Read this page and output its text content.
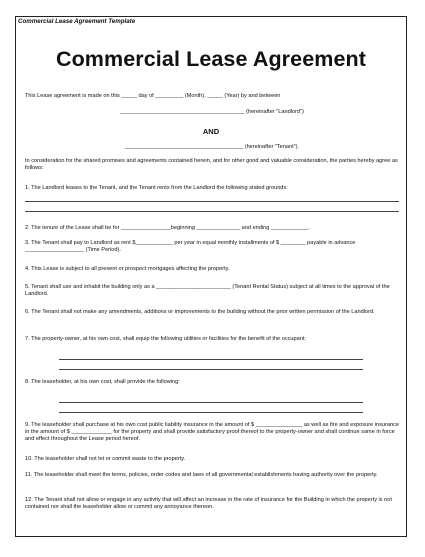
Commercial Lease Agreement Template
Commercial Lease Agreement
This Lease agreement is made on this _____ day of _________ (Month), _____ (Year) by and between
________________________________________ (hereinafter "Landlord")
AND
______________________________________ (hereinafter "Tenant").
In consideration for the shared promises and agreements contained herein, and for other good and valuable consideration, the parties hereby agree as follows:
1. The Landlord leases to the Tenant, and the Tenant rents from the Landlord the following stated grounds:
2. The tenure of the Lease shall be for ________________beginning ______________ and ending ____________.
3. The Tenant shall pay to Landlord as rent $____________ per year in equal monthly installments of $ ________ payable in advance ___________________ (Time Period).
4. This Lease is subject to all present or prospect mortgages affecting the property.
5. Tenant shall use and inhabit the building only as a ________________________ (Tenant Rental Status) subject at all times to the approval of the Landlord.
6. The Tenant shall not make any amendments, additions or improvements to the building without the prior written permission of the Landlord.
7. The property-owner, at his own cost, shall equip the following utilities or facilities for the benefit of the occupant:
8. The leaseholder, at his own cost, shall provide the following:
9. The leaseholder shall purchase at his own cost public liability insurance in the amount of $ _______________ as well as fire and exposure insurance in the amount of $ _____________ for the property and shall provide satisfactory proof thereof to the property-owner and shall continue same in force and effect throughout the Lease period hereof.
10. The leaseholder shall not let or commit waste to the property.
11. The leaseholder shall meet the terms, policies, order codes and laws of all governmental establishments having authority over the property.
12. The Tenant shall not allow or engage in any activity that will affect an increase in the rate of insurance for the Building in which the property is not contained nor shall the leaseholder allow or commit any annoyance thereon.
